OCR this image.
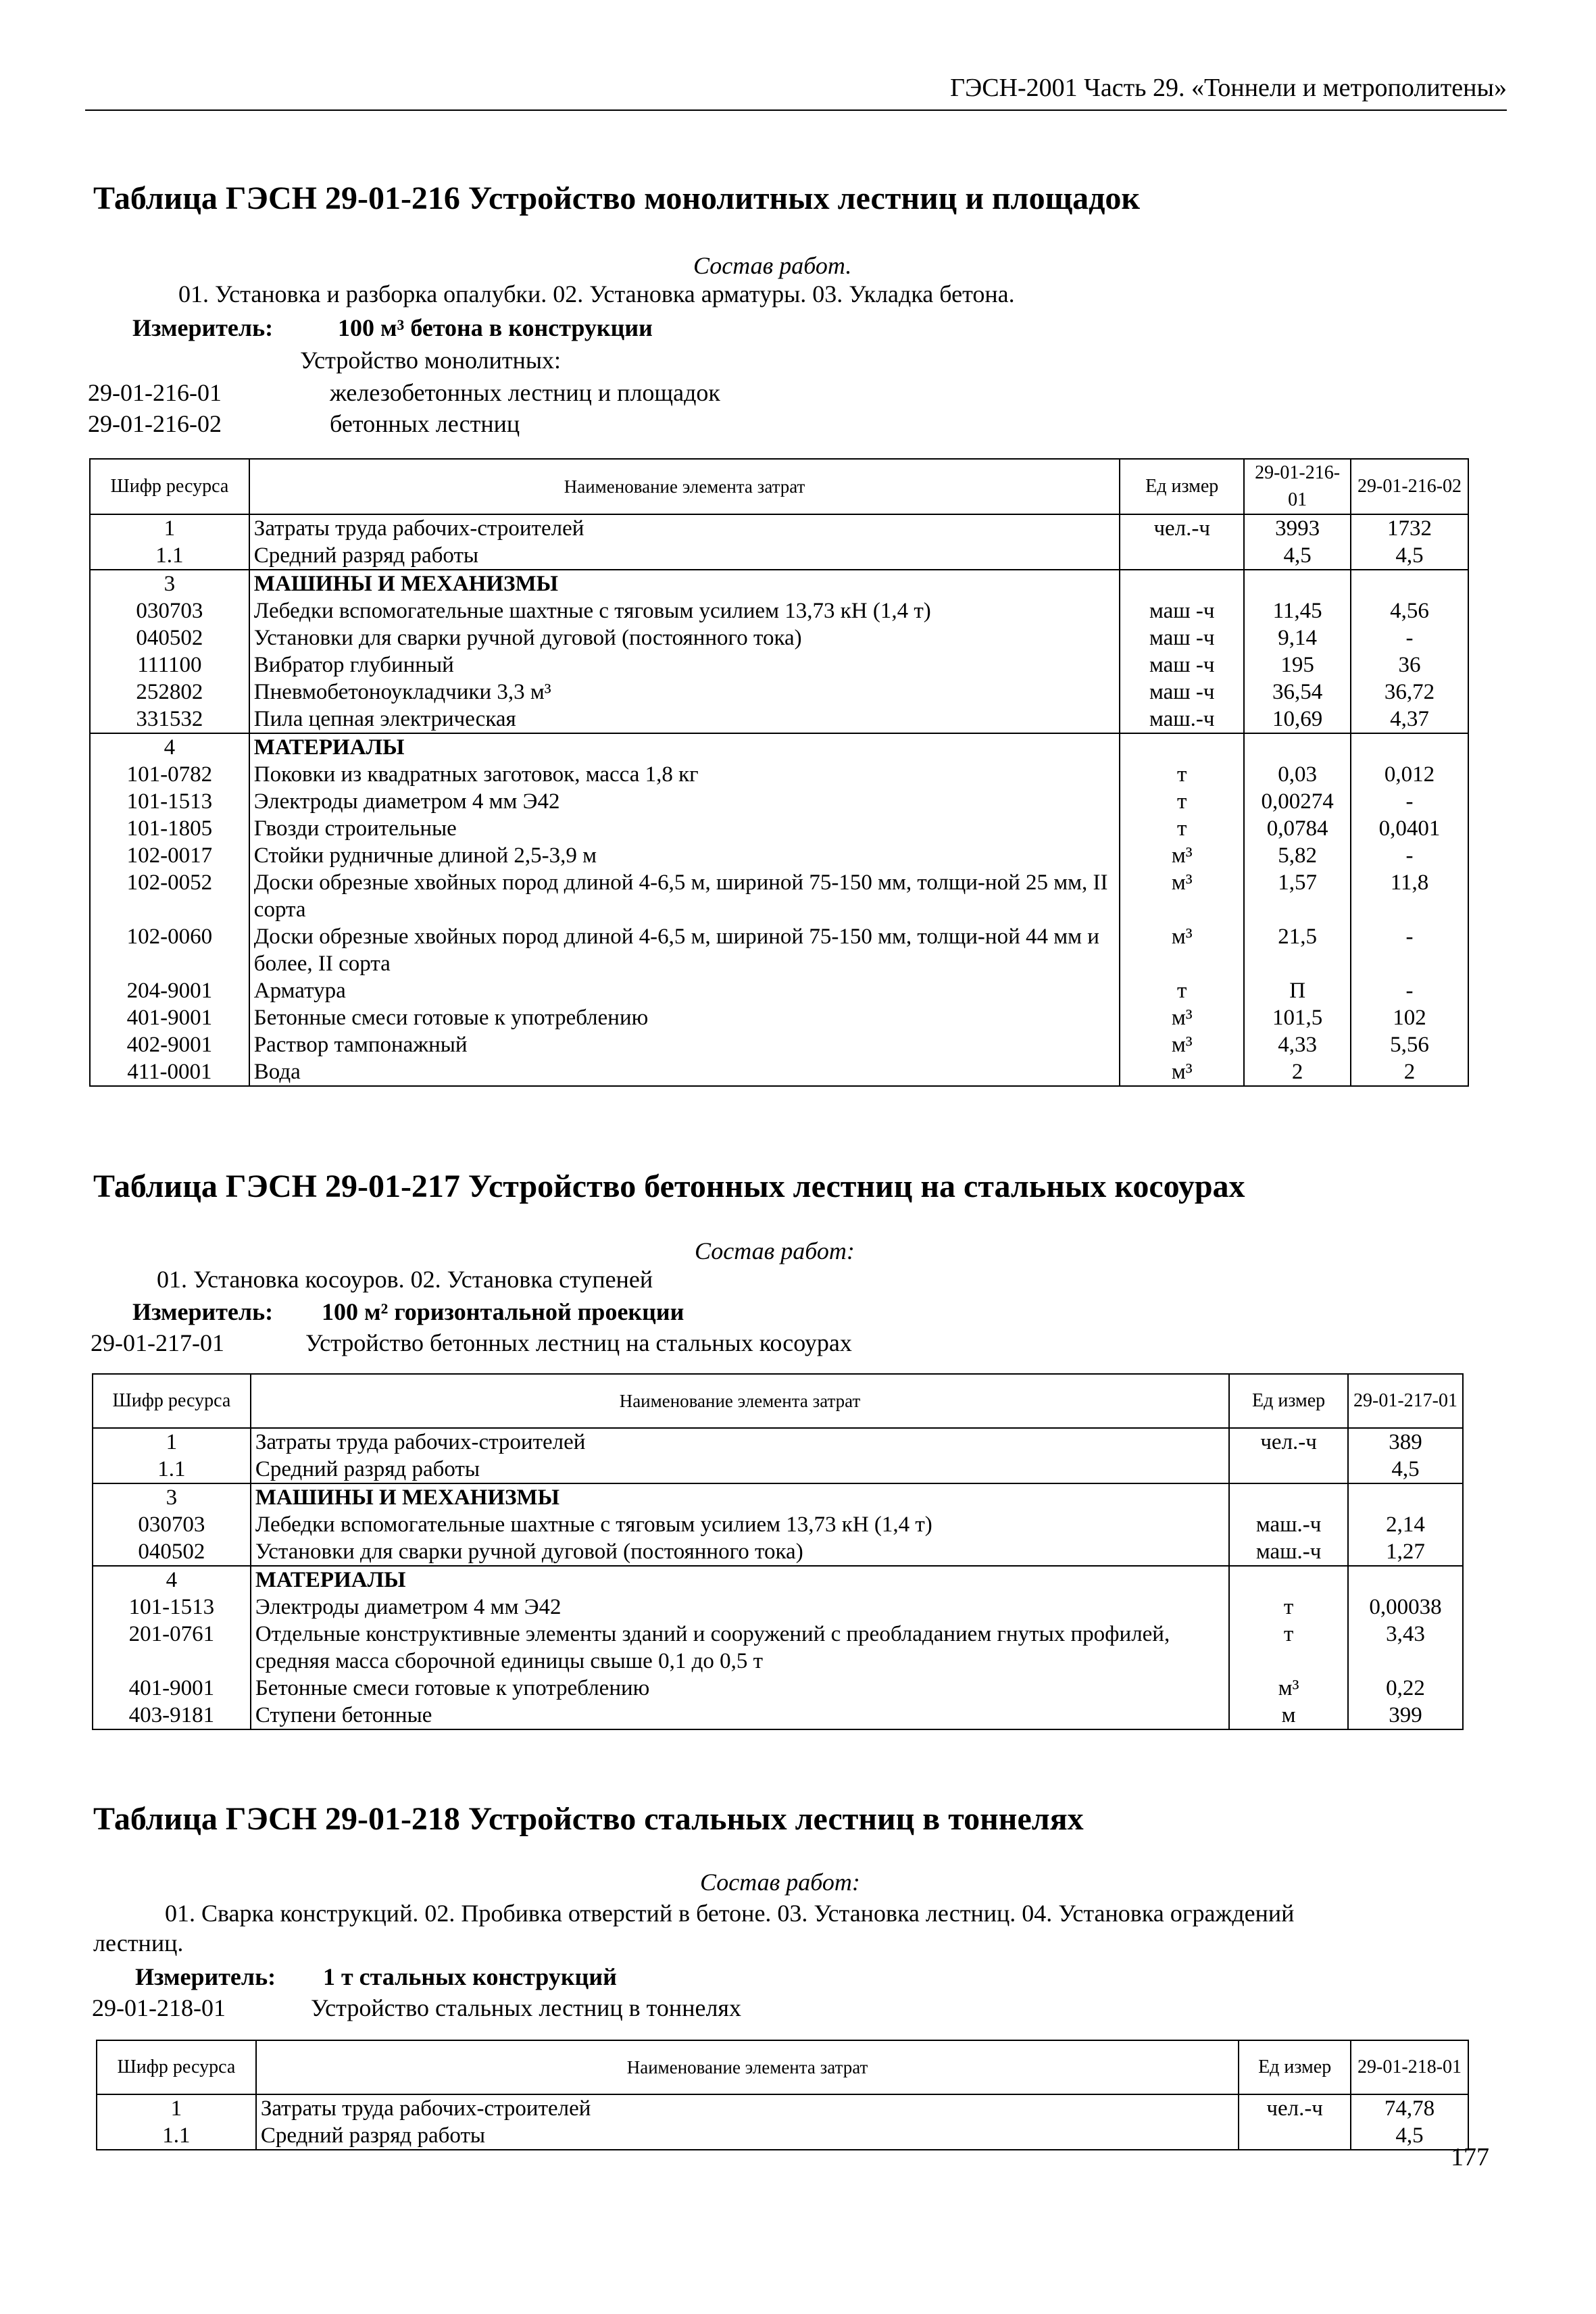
ГЭСН-2001 Часть 29. «Тоннели и метрополитены»
Таблица ГЭСН 29-01-216 Устройство монолитных лестниц и площадок
Состав работ.
01. Установка и разборка опалубки. 02. Установка арматуры. 03. Укладка бетона.
Измеритель:	100 м³ бетона в конструкции
Устройство монолитных:
29-01-216-01	железобетонных лестниц и площадок
29-01-216-02	бетонных лестниц
Шифр ресурса	Наименование элемента затрат	Ед измер	29-01-216-01	29-01-216-02
1	Затраты труда рабочих-строителей	чел.-ч	3993	1732
1.1	Средний разряд работы		4,5	4,5
3	МАШИНЫ И МЕХАНИЗМЫ			
030703	Лебедки вспомогательные шахтные с тяговым усилием 13,73 кН (1,4 т)	маш -ч	11,45	4,56
040502	Установки для сварки ручной дуговой (постоянного тока)	маш -ч	9,14	-
111100	Вибратор глубинный	маш -ч	195	36
252802	Пневмобетоноукладчики 3,3 м³	маш -ч	36,54	36,72
331532	Пила цепная электрическая	маш.-ч	10,69	4,37
4	МАТЕРИАЛЫ			
101-0782	Поковки из квадратных заготовок, масса 1,8 кг	т	0,03	0,012
101-1513	Электроды диаметром 4 мм Э42	т	0,00274	-
101-1805	Гвозди строительные	т	0,0784	0,0401
102-0017	Стойки рудничные длиной 2,5-3,9 м	м³	5,82	-
102-0052	Доски обрезные хвойных пород длиной 4-6,5 м, шириной 75-150 мм, толщи-ной 25 мм, II сорта	м³	1,57	11,8
102-0060	Доски обрезные хвойных пород длиной 4-6,5 м, шириной 75-150 мм, толщи-ной 44 мм и более, II сорта	м³	21,5	-
204-9001	Арматура	т	П	-
401-9001	Бетонные смеси готовые к употреблению	м³	101,5	102
402-9001	Раствор тампонажный	м³	4,33	5,56
411-0001	Вода	м³	2	2
Таблица ГЭСН 29-01-217 Устройство бетонных лестниц на стальных косоурах
Состав работ:
01. Установка косоуров. 02. Установка ступеней
Измеритель: 100 м² горизонтальной проекции
29-01-217-01	Устройство бетонных лестниц на стальных косоурах
Шифр ресурса	Наименование элемента затрат	Ед измер	29-01-217-01
1	Затраты труда рабочих-строителей	чел.-ч	389
1.1	Средний разряд работы		4,5
3	МАШИНЫ И МЕХАНИЗМЫ		
030703	Лебедки вспомогательные шахтные с тяговым усилием 13,73 кН (1,4 т)	маш.-ч	2,14
040502	Установки для сварки ручной дуговой (постоянного тока)	маш.-ч	1,27
4	МАТЕРИАЛЫ		
101-1513	Электроды диаметром 4 мм Э42	т	0,00038
201-0761	Отдельные конструктивные элементы зданий и сооружений с преобладанием гнутых профилей, средняя масса сборочной единицы свыше 0,1 до 0,5 т	т	3,43
401-9001	Бетонные смеси готовые к употреблению	м³	0,22
403-9181	Ступени бетонные	м	399
Таблица ГЭСН 29-01-218 Устройство стальных лестниц в тоннелях
Состав работ:
01. Сварка конструкций. 02. Пробивка отверстий в бетоне. 03. Установка лестниц. 04. Установка ограждений
лестниц.
Измеритель: 1 т стальных конструкций
29-01-218-01	Устройство стальных лестниц в тоннелях
Шифр ресурса	Наименование элемента затрат	Ед измер	29-01-218-01
1	Затраты труда рабочих-строителей	чел.-ч	74,78
1.1	Средний разряд работы		4,5
177
